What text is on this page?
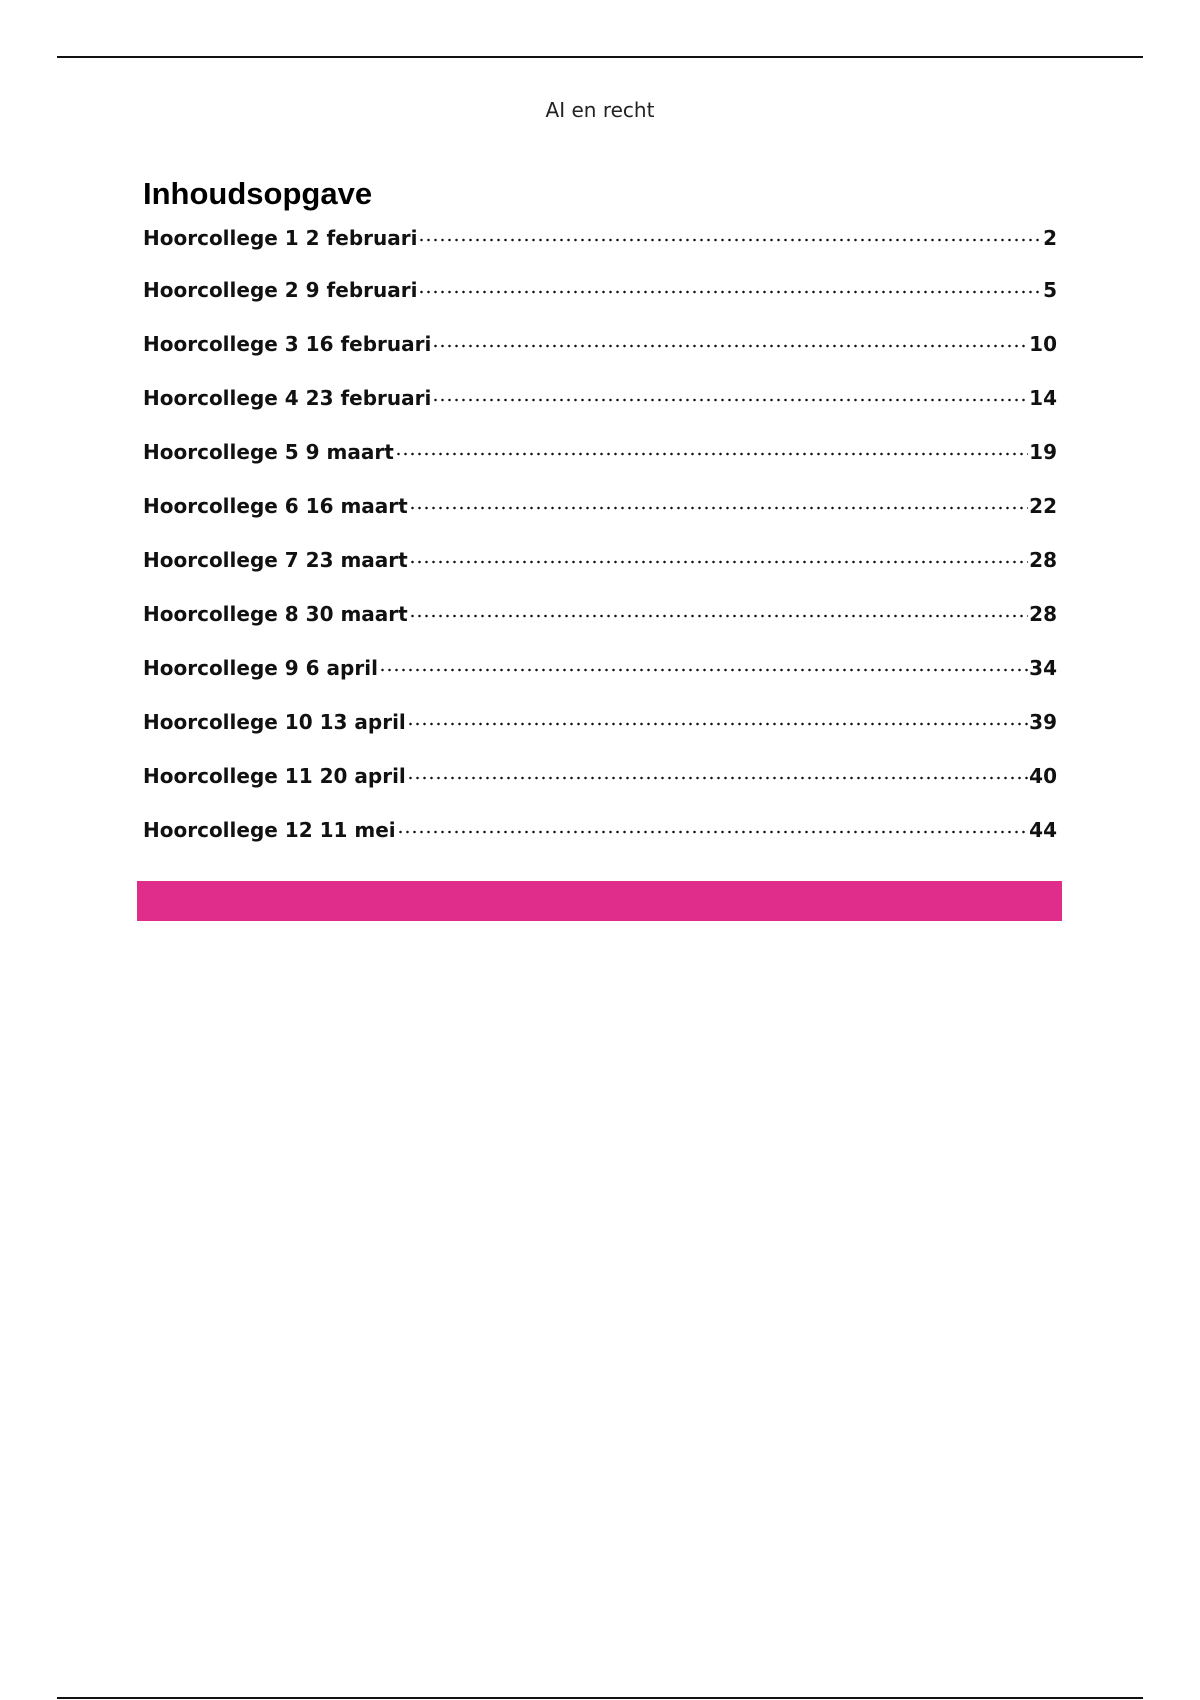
AI en recht
Inhoudsopgave
Hoorcollege 1 2 februari	2
Hoorcollege 2 9 februari	5
Hoorcollege 3 16 februari	10
Hoorcollege 4 23 februari	14
Hoorcollege 5 9 maart	19
Hoorcollege 6 16 maart	22
Hoorcollege 7 23 maart	28
Hoorcollege 8 30 maart	28
Hoorcollege 9 6 april	34
Hoorcollege 10 13 april	39
Hoorcollege 11 20 april	40
Hoorcollege 12 11 mei	44
